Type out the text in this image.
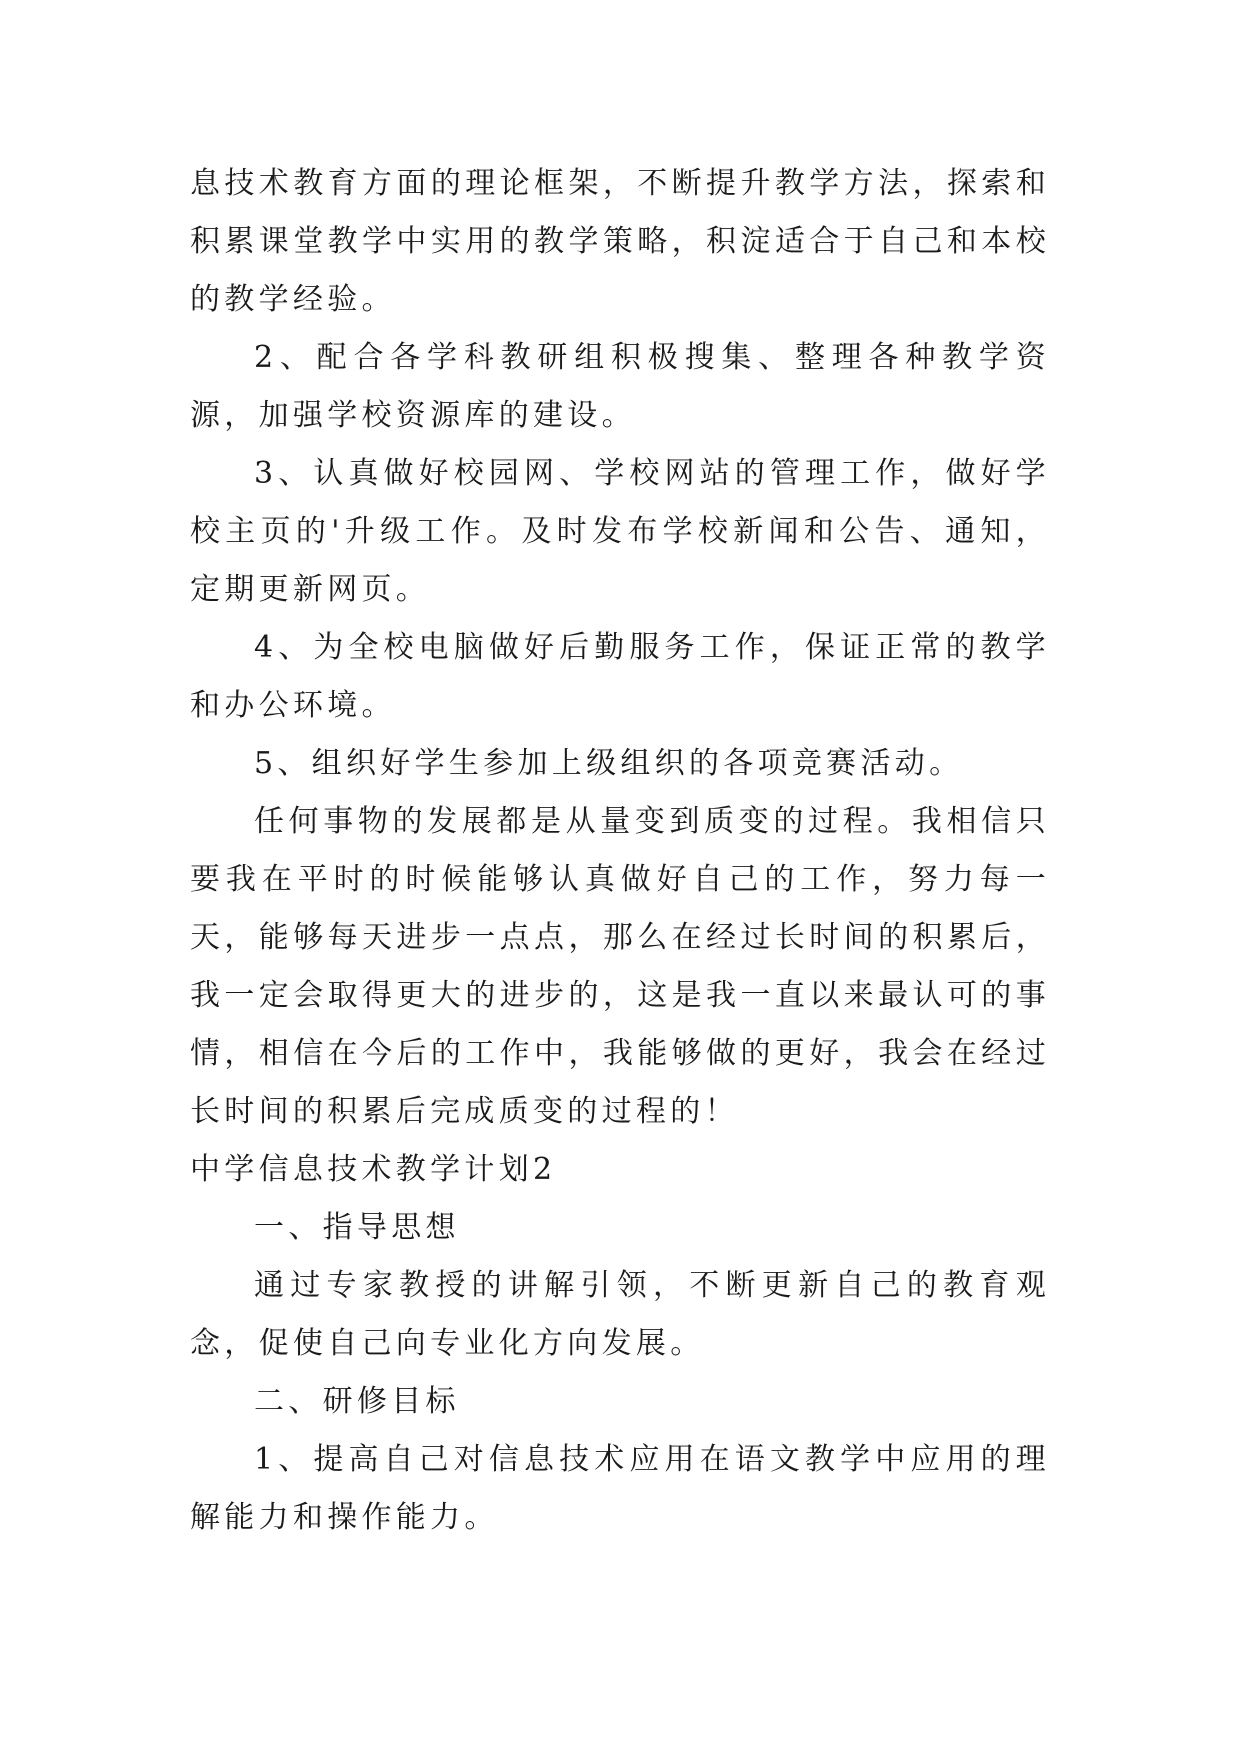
息技术教育方面的理论框架，不断提升教学方法，探索和积累课堂教学中实用的教学策略，积淀适合于自己和本校的教学经验。

2、配合各学科教研组积极搜集、整理各种教学资源，加强学校资源库的建设。

3、认真做好校园网、学校网站的管理工作，做好学校主页的'升级工作。及时发布学校新闻和公告、通知，定期更新网页。

4、为全校电脑做好后勤服务工作，保证正常的教学和办公环境。

5、组织好学生参加上级组织的各项竞赛活动。

任何事物的发展都是从量变到质变的过程。我相信只要我在平时的时候能够认真做好自己的工作，努力每一天，能够每天进步一点点，那么在经过长时间的积累后，我一定会取得更大的进步的，这是我一直以来最认可的事情，相信在今后的工作中，我能够做的更好，我会在经过长时间的积累后完成质变的过程的！

中学信息技术教学计划2

一、指导思想

通过专家教授的讲解引领，不断更新自己的教育观念，促使自己向专业化方向发展。

二、研修目标

1、提高自己对信息技术应用在语文教学中应用的理解能力和操作能力。
